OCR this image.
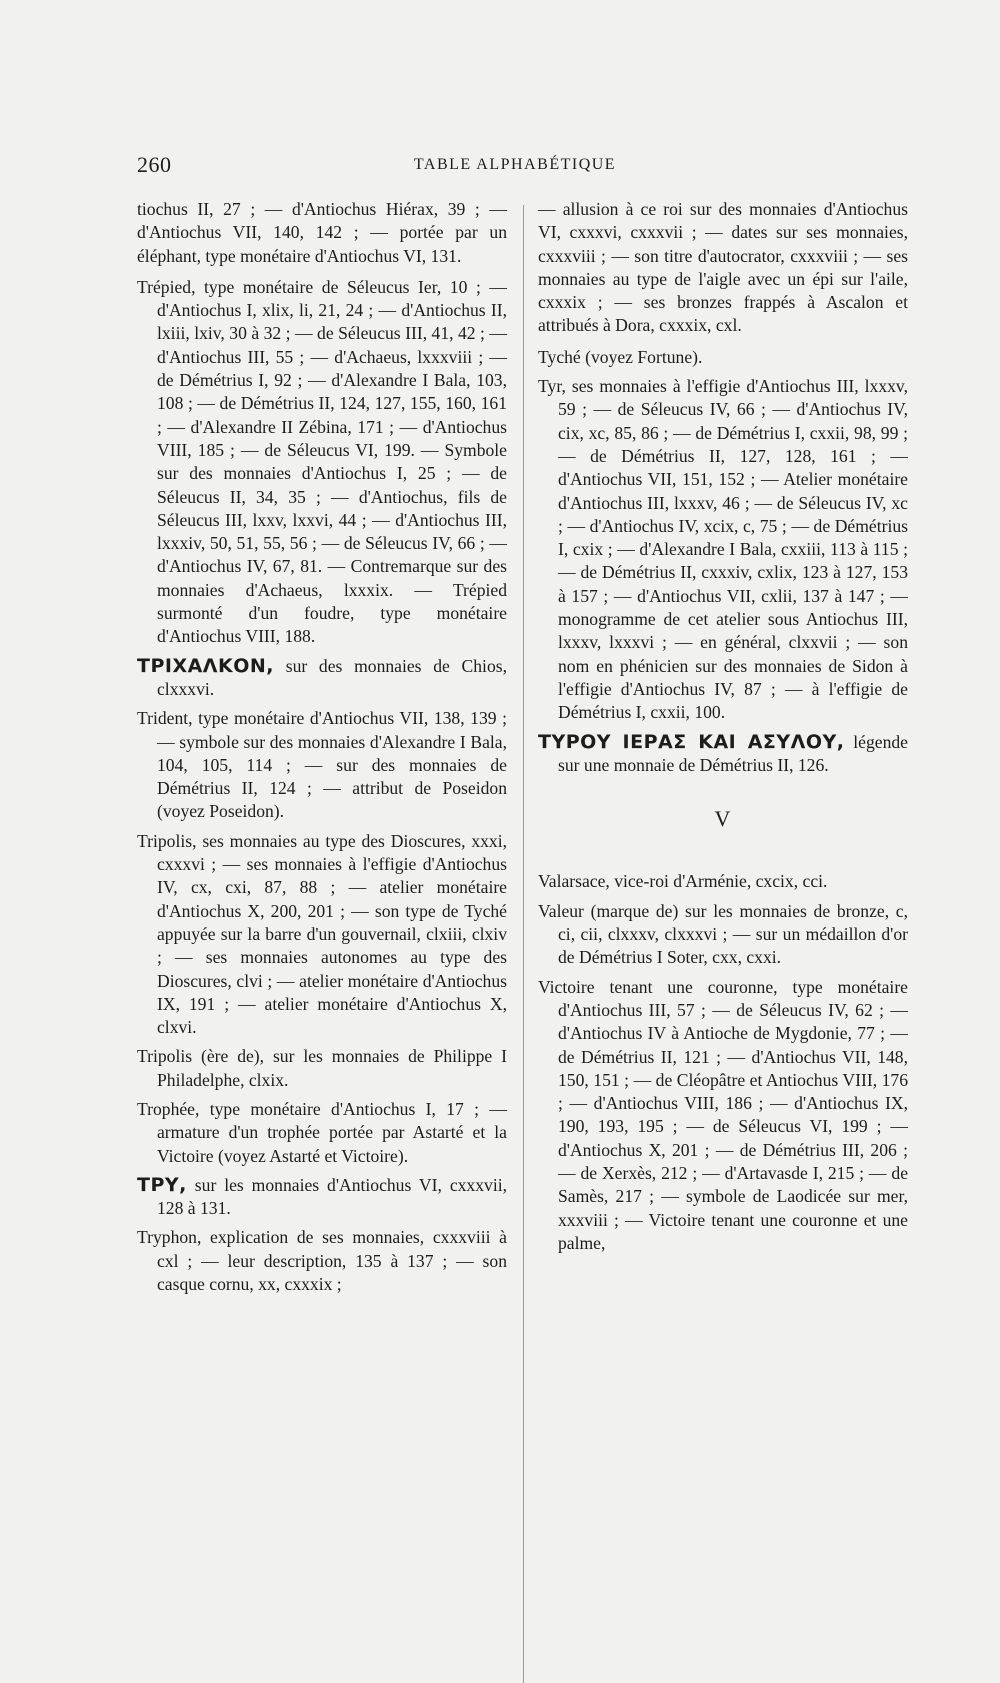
260	TABLE ALPHABÉTIQUE

tiochus II, 27 ; — d'Antiochus Hiérax, 39 ; — d'Antiochus VII, 140, 142 ; — portée par un éléphant, type monétaire d'Antiochus VI, 131.

Trépied, type monétaire de Séleucus Ier, 10 ; — d'Antiochus I, xlix, li, 21, 24 ; — d'Antiochus II, lxiii, lxiv, 30 à 32 ; — de Séleucus III, 41, 42 ; — d'Antiochus III, 55 ; — d'Achaeus, lxxxviii ; — de Démétrius I, 92 ; — d'Alexandre I Bala, 103, 108 ; — de Démétrius II, 124, 127, 155, 160, 161 ; — d'Alexandre II Zébina, 171 ; — d'Antiochus VIII, 185 ; — de Séleucus VI, 199. — Symbole sur des monnaies d'Antiochus I, 25 ; — de Séleucus II, 34, 35 ; — d'Antiochus, fils de Séleucus III, lxxv, lxxvi, 44 ; — d'Antiochus III, lxxxiv, 50, 51, 55, 56 ; — de Séleucus IV, 66 ; — d'Antiochus IV, 67, 81. — Contremarque sur des monnaies d'Achaeus, lxxxix. — Trépied surmonté d'un foudre, type monétaire d'Antiochus VIII, 188.

ΤΡΙΧΑΛΚΟΝ, sur des monnaies de Chios, clxxxvi.

Trident, type monétaire d'Antiochus VII, 138, 139 ; — symbole sur des monnaies d'Alexandre I Bala, 104, 105, 114 ; — sur des monnaies de Démétrius II, 124 ; — attribut de Poseidon (voyez Poseidon).

Tripolis, ses monnaies au type des Dioscures, xxxi, cxxxvi ; — ses monnaies à l'effigie d'Antiochus IV, cx, cxi, 87, 88 ; — atelier monétaire d'Antiochus X, 200, 201 ; — son type de Tyché appuyée sur la barre d'un gouvernail, clxiii, clxiv ; — ses monnaies autonomes au type des Dioscures, clvi ; — atelier monétaire d'Antiochus IX, 191 ; — atelier monétaire d'Antiochus X, clxvi.

Tripolis (ère de), sur les monnaies de Philippe I Philadelphe, clxix.

Trophée, type monétaire d'Antiochus I, 17 ; — armature d'un trophée portée par Astarté et la Victoire (voyez Astarté et Victoire).

ΤΡΥ, sur les monnaies d'Antiochus VI, cxxxvii, 128 à 131.

Tryphon, explication de ses monnaies, cxxxviii à cxl ; — leur description, 135 à 137 ; — son casque cornu, xx, cxxxix ;

— allusion à ce roi sur des monnaies d'Antiochus VI, cxxxvi, cxxxvii ; — dates sur ses monnaies, cxxxviii ; — son titre d'autocrator, cxxxviii ; — ses monnaies au type de l'aigle avec un épi sur l'aile, cxxxix ; — ses bronzes frappés à Ascalon et attribués à Dora, cxxxix, cxl.

Tyché (voyez Fortune).

Tyr, ses monnaies à l'effigie d'Antiochus III, lxxxv, 59 ; — de Séleucus IV, 66 ; — d'Antiochus IV, cix, xc, 85, 86 ; — de Démétrius I, cxxii, 98, 99 ; — de Démétrius II, 127, 128, 161 ; — d'Antiochus VII, 151, 152 ; — Atelier monétaire d'Antiochus III, lxxxv, 46 ; — de Séleucus IV, xc ; — d'Antiochus IV, xcix, c, 75 ; — de Démétrius I, cxix ; — d'Alexandre I Bala, cxxiii, 113 à 115 ; — de Démétrius II, cxxxiv, cxlix, 123 à 127, 153 à 157 ; — d'Antiochus VII, cxlii, 137 à 147 ; — monogramme de cet atelier sous Antiochus III, lxxxv, lxxxvi ; — en général, clxxvii ; — son nom en phénicien sur des monnaies de Sidon à l'effigie d'Antiochus IV, 87 ; — à l'effigie de Démétrius I, cxxii, 100.

ΤΥΡΟΥ ΙΕΡΑΣ ΚΑΙ ΑΣΥΛΟΥ, légende sur une monnaie de Démétrius II, 126.

V

Valarsace, vice-roi d'Arménie, cxcix, cci.

Valeur (marque de) sur les monnaies de bronze, c, ci, cii, clxxxv, clxxxvi ; — sur un médaillon d'or de Démétrius I Soter, cxx, cxxi.

Victoire tenant une couronne, type monétaire d'Antiochus III, 57 ; — de Séleucus IV, 62 ; — d'Antiochus IV à Antioche de Mygdonie, 77 ; — de Démétrius II, 121 ; — d'Antiochus VII, 148, 150, 151 ; — de Cléopâtre et Antiochus VIII, 176 ; — d'Antiochus VIII, 186 ; — d'Antiochus IX, 190, 193, 195 ; — de Séleucus VI, 199 ; — d'Antiochus X, 201 ; — de Démétrius III, 206 ; — de Xerxès, 212 ; — d'Artavasde I, 215 ; — de Samès, 217 ; — symbole de Laodicée sur mer, xxxviii ; — Victoire tenant une couronne et une palme,
